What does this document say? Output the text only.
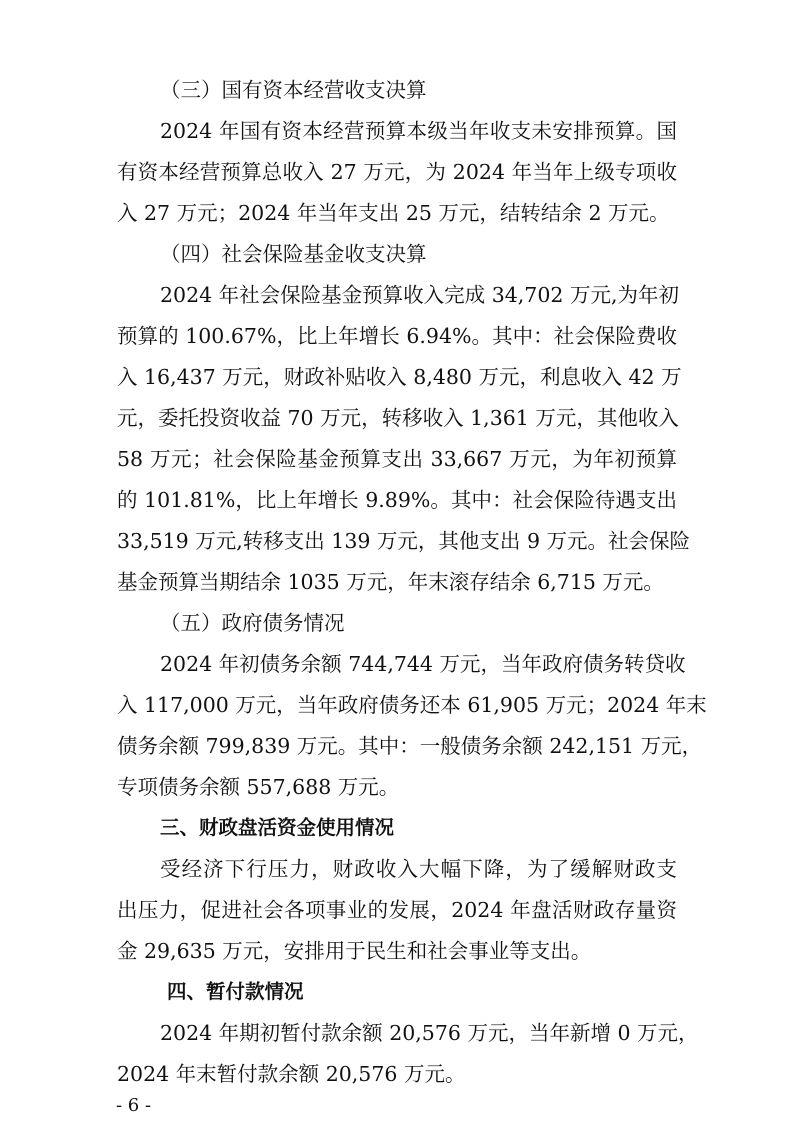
（三）国有资本经营收支决算
2024 年国有资本经营预算本级当年收支未安排预算。国
有资本经营预算总收入 27 万元，为 2024 年当年上级专项收
入 27 万元；2024 年当年支出 25 万元，结转结余 2 万元。
（四）社会保险基金收支决算
2024 年社会保险基金预算收入完成 34,702 万元,为年初
预算的 100.67%，比上年增长 6.94%。其中：社会保险费收
入 16,437 万元，财政补贴收入 8,480 万元，利息收入 42 万
元，委托投资收益 70 万元，转移收入 1,361 万元，其他收入
58 万元；社会保险基金预算支出 33,667 万元，为年初预算
的 101.81%，比上年增长 9.89%。其中：社会保险待遇支出
33,519 万元,转移支出 139 万元，其他支出 9 万元。社会保险
基金预算当期结余 1035 万元，年末滚存结余 6,715 万元。
（五）政府债务情况
2024 年初债务余额 744,744 万元，当年政府债务转贷收
入 117,000 万元，当年政府债务还本 61,905 万元；2024 年末
债务余额 799,839 万元。其中：一般债务余额 242,151 万元，
专项债务余额 557,688 万元。
三、财政盘活资金使用情况
受经济下行压力，财政收入大幅下降，为了缓解财政支
出压力，促进社会各项事业的发展，2024 年盘活财政存量资
金 29,635 万元，安排用于民生和社会事业等支出。
四、暂付款情况
2024 年期初暂付款余额 20,576 万元，当年新增 0 万元，
2024 年末暂付款余额 20,576 万元。
- 6 -
